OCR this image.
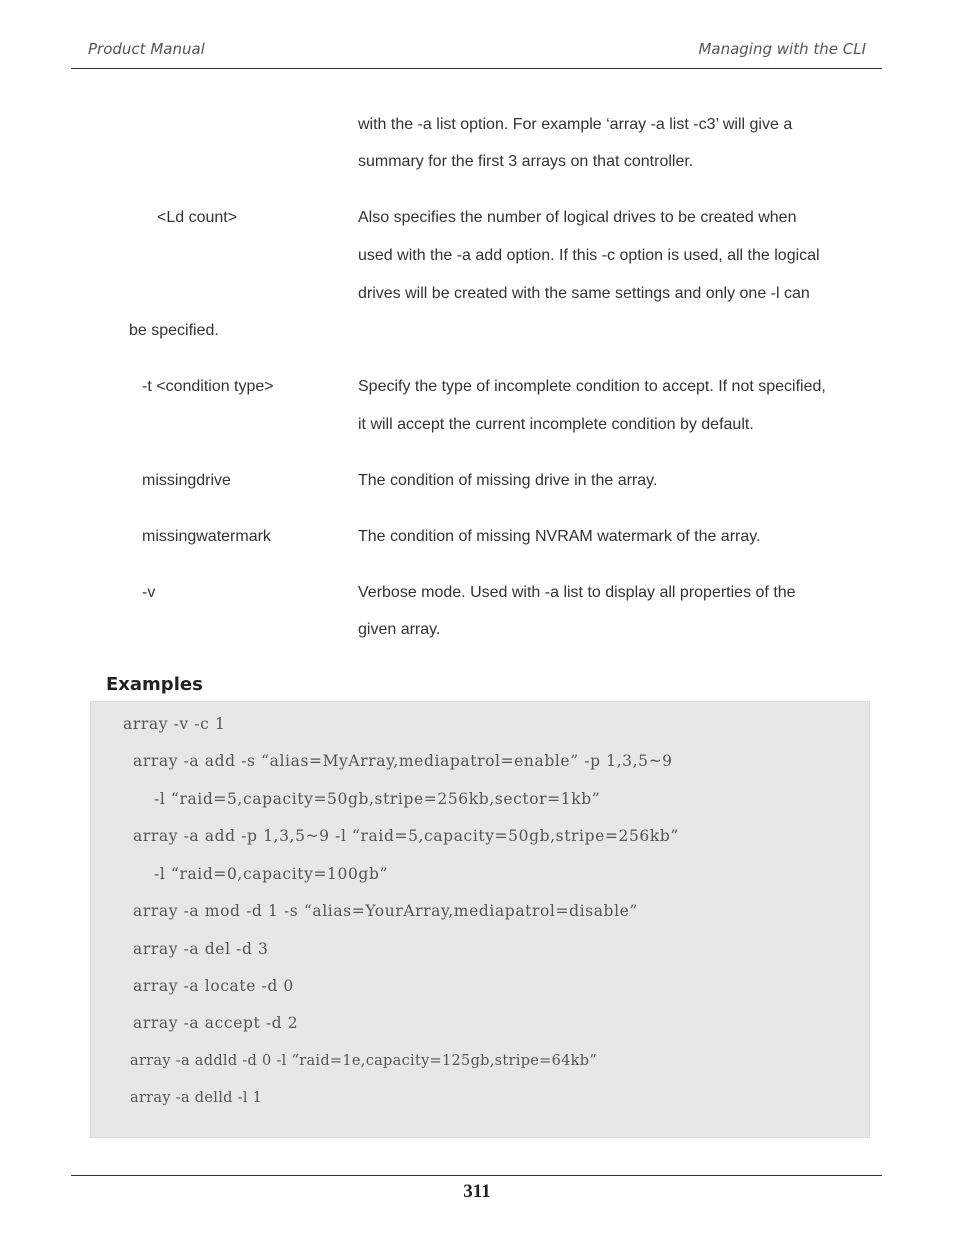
Product Manual	Managing with the CLI
with the -a list option. For example ‘array -a list -c3’ will give a
summary for the first 3 arrays on that controller.
<Ld count>	Also specifies the number of logical drives to be created when
used with the -a add option. If this -c option is used, all the logical
drives will be created with the same settings and only one -l can
be specified.
-t <condition type>	Specify the type of incomplete condition to accept. If not specified,
it will accept the current incomplete condition by default.
missingdrive	The condition of missing drive in the array.
missingwatermark	The condition of missing NVRAM watermark of the array.
-v	Verbose mode. Used with -a list to display all properties of the
given array.
Examples
array -v -c 1
array -a add -s “alias=MyArray,mediapatrol=enable” -p 1,3,5~9
-l “raid=5,capacity=50gb,stripe=256kb,sector=1kb”
array -a add -p 1,3,5~9 -l “raid=5,capacity=50gb,stripe=256kb”
-l “raid=0,capacity=100gb”
array -a mod -d 1 -s “alias=YourArray,mediapatrol=disable”
array -a del -d 3
array -a locate -d 0
array -a accept -d 2
array -a addld -d 0 -l “raid=1e,capacity=125gb,stripe=64kb”
array -a delld -l 1
311
